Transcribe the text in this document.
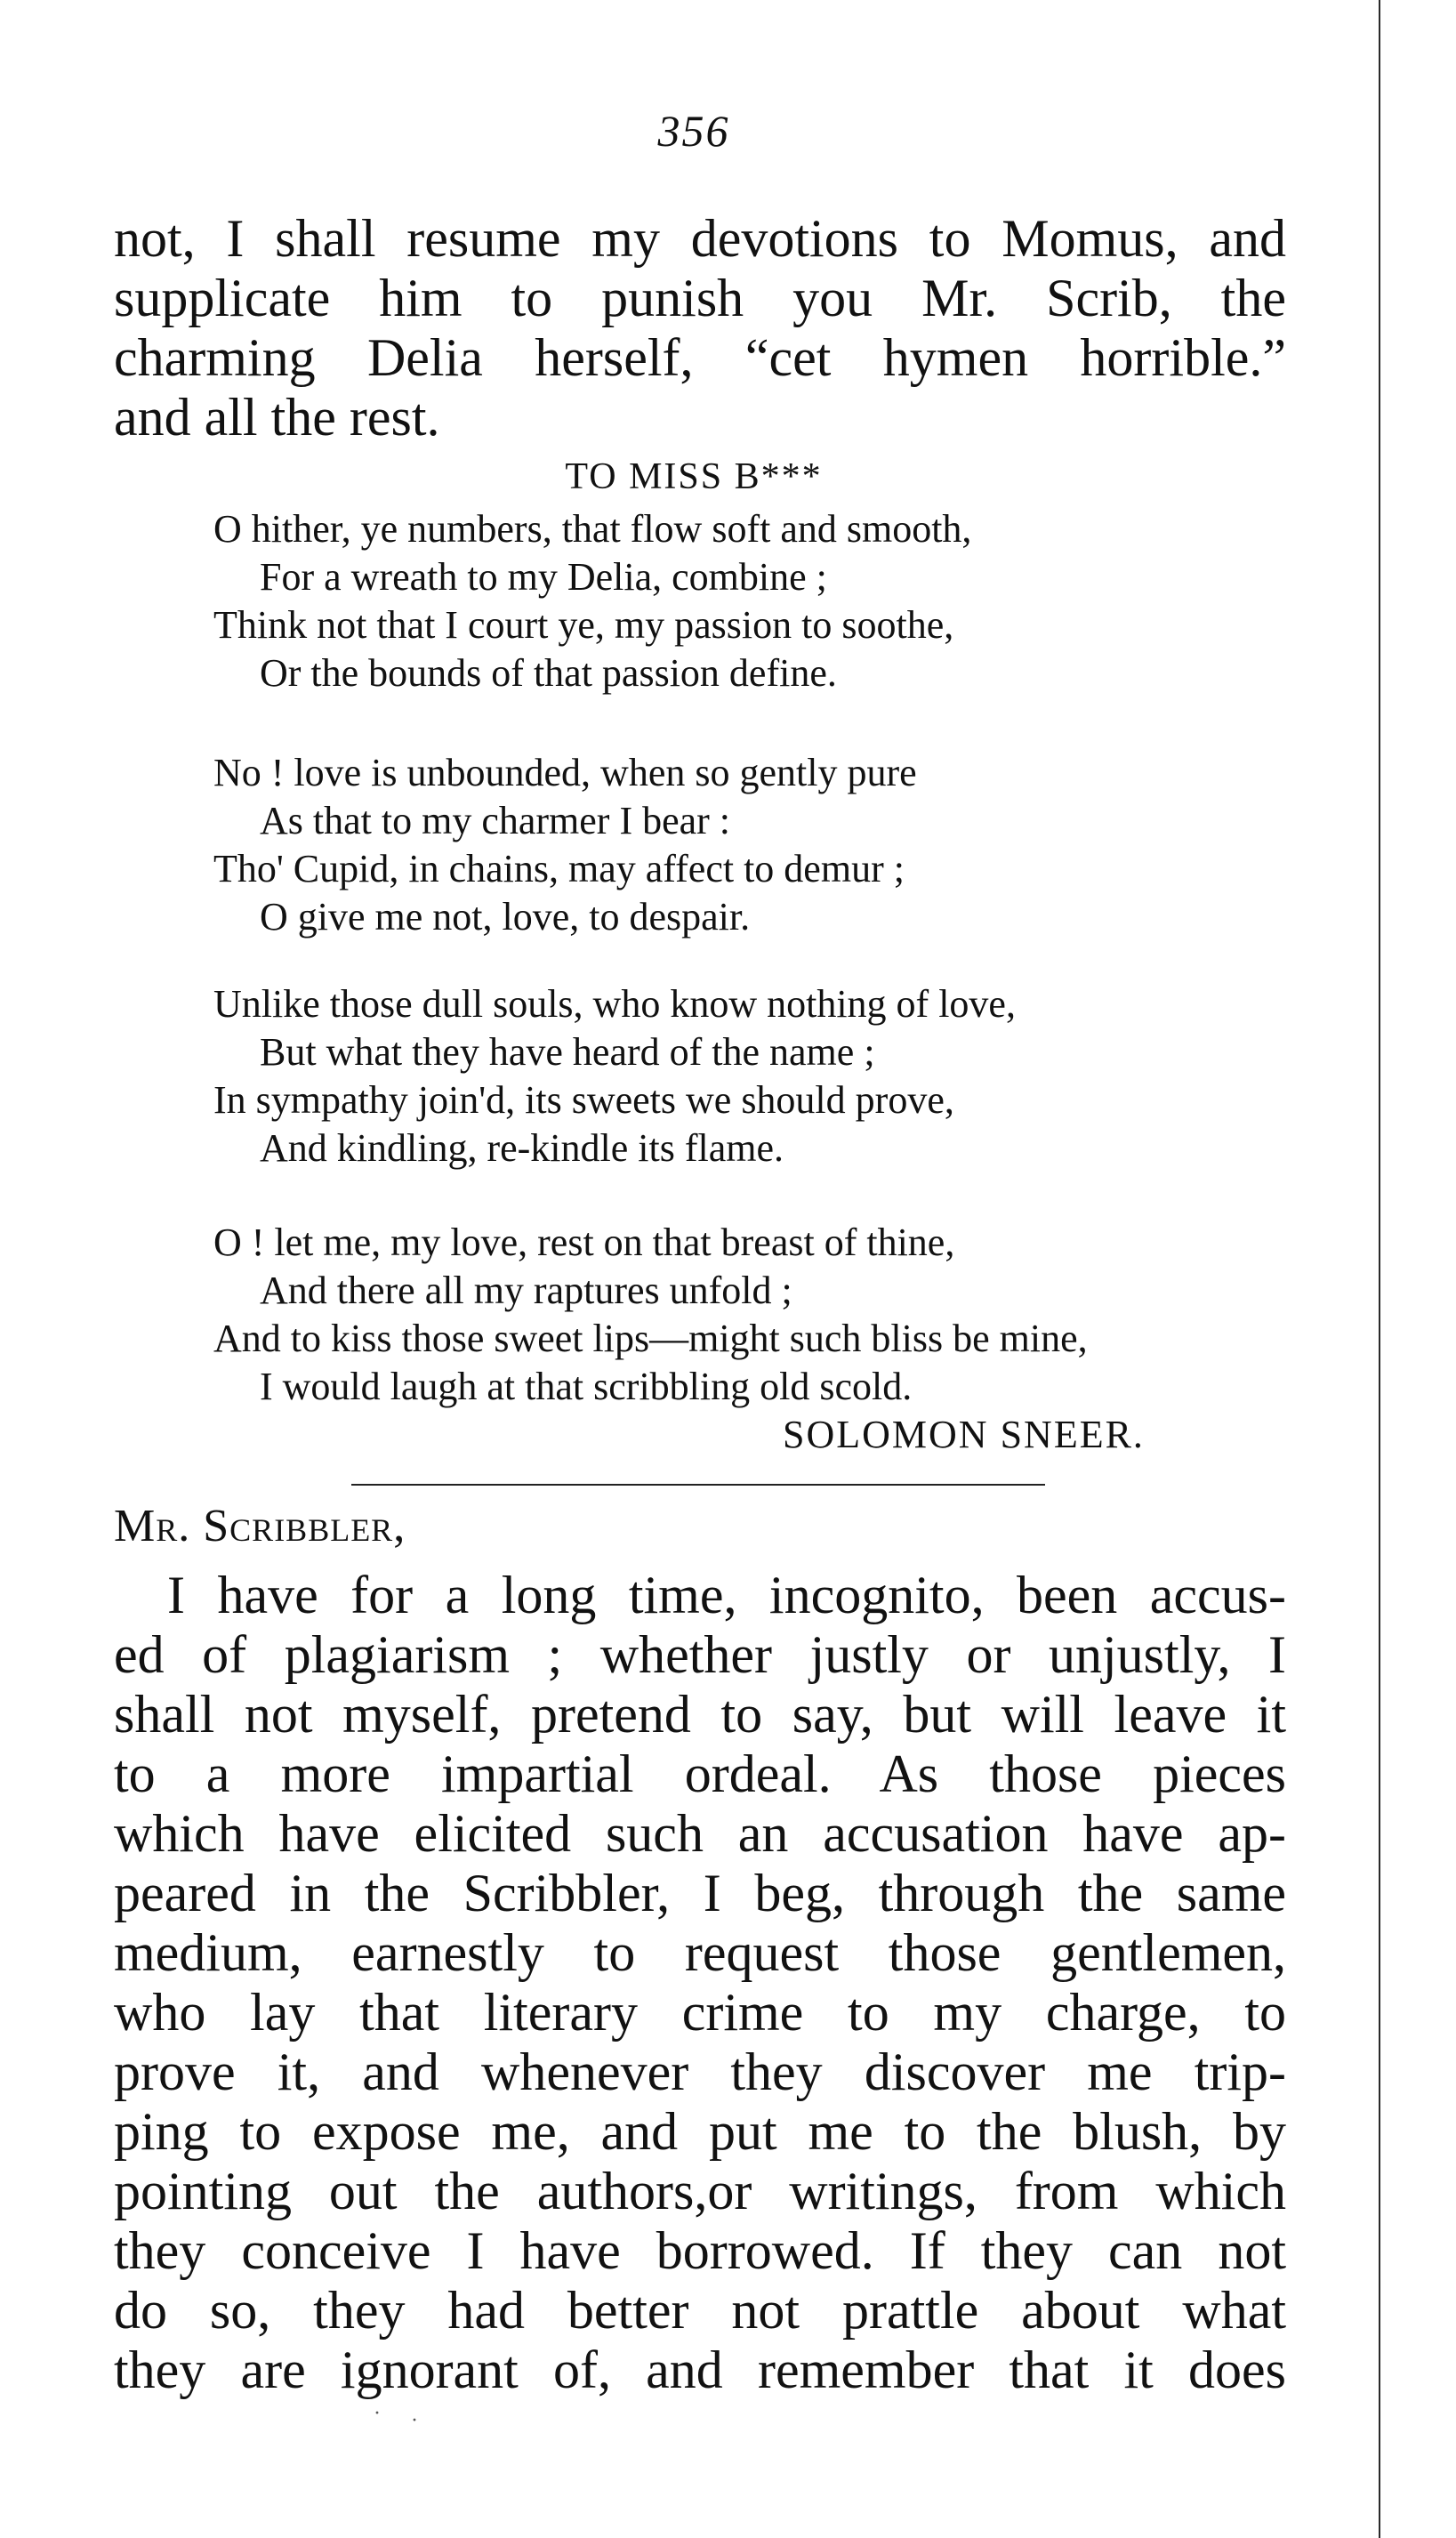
356
not, I shall resume my devotions to Momus, and
supplicate him to punish you Mr. Scrib, the
charming Delia herself, “cet hymen horrible.”
and all the rest.
TO MISS B***
O hither, ye numbers, that flow soft and smooth,
For a wreath to my Delia, combine ;
Think not that I court ye, my passion to soothe,
Or the bounds of that passion define.
No ! love is unbounded, when so gently pure
As that to my charmer I bear :
Tho' Cupid, in chains, may affect to demur ;
O give me not, love, to despair.
Unlike those dull souls, who know nothing of love,
But what they have heard of the name ;
In sympathy join'd, its sweets we should prove,
And kindling, re-kindle its flame.
O ! let me, my love, rest on that breast of thine,
And there all my raptures unfold ;
And to kiss those sweet lips—might such bliss be mine,
I would laugh at that scribbling old scold.
SOLOMON SNEER.
Mr. Scribbler,
I have for a long time, incognito, been accus-
ed of plagiarism ; whether justly or unjustly, I
shall not myself, pretend to say, but will leave it
to a more impartial ordeal. As those pieces
which have elicited such an accusation have ap-
peared in the Scribbler, I beg, through the same
medium, earnestly to request those gentlemen,
who lay that literary crime to my charge, to
prove it, and whenever they discover me trip-
ping to expose me, and put me to the blush, by
pointing out the authors,or writings, from which
they conceive I have borrowed. If they can not
do so, they had better not prattle about what
they are ignorant of, and remember that it does
· ·
